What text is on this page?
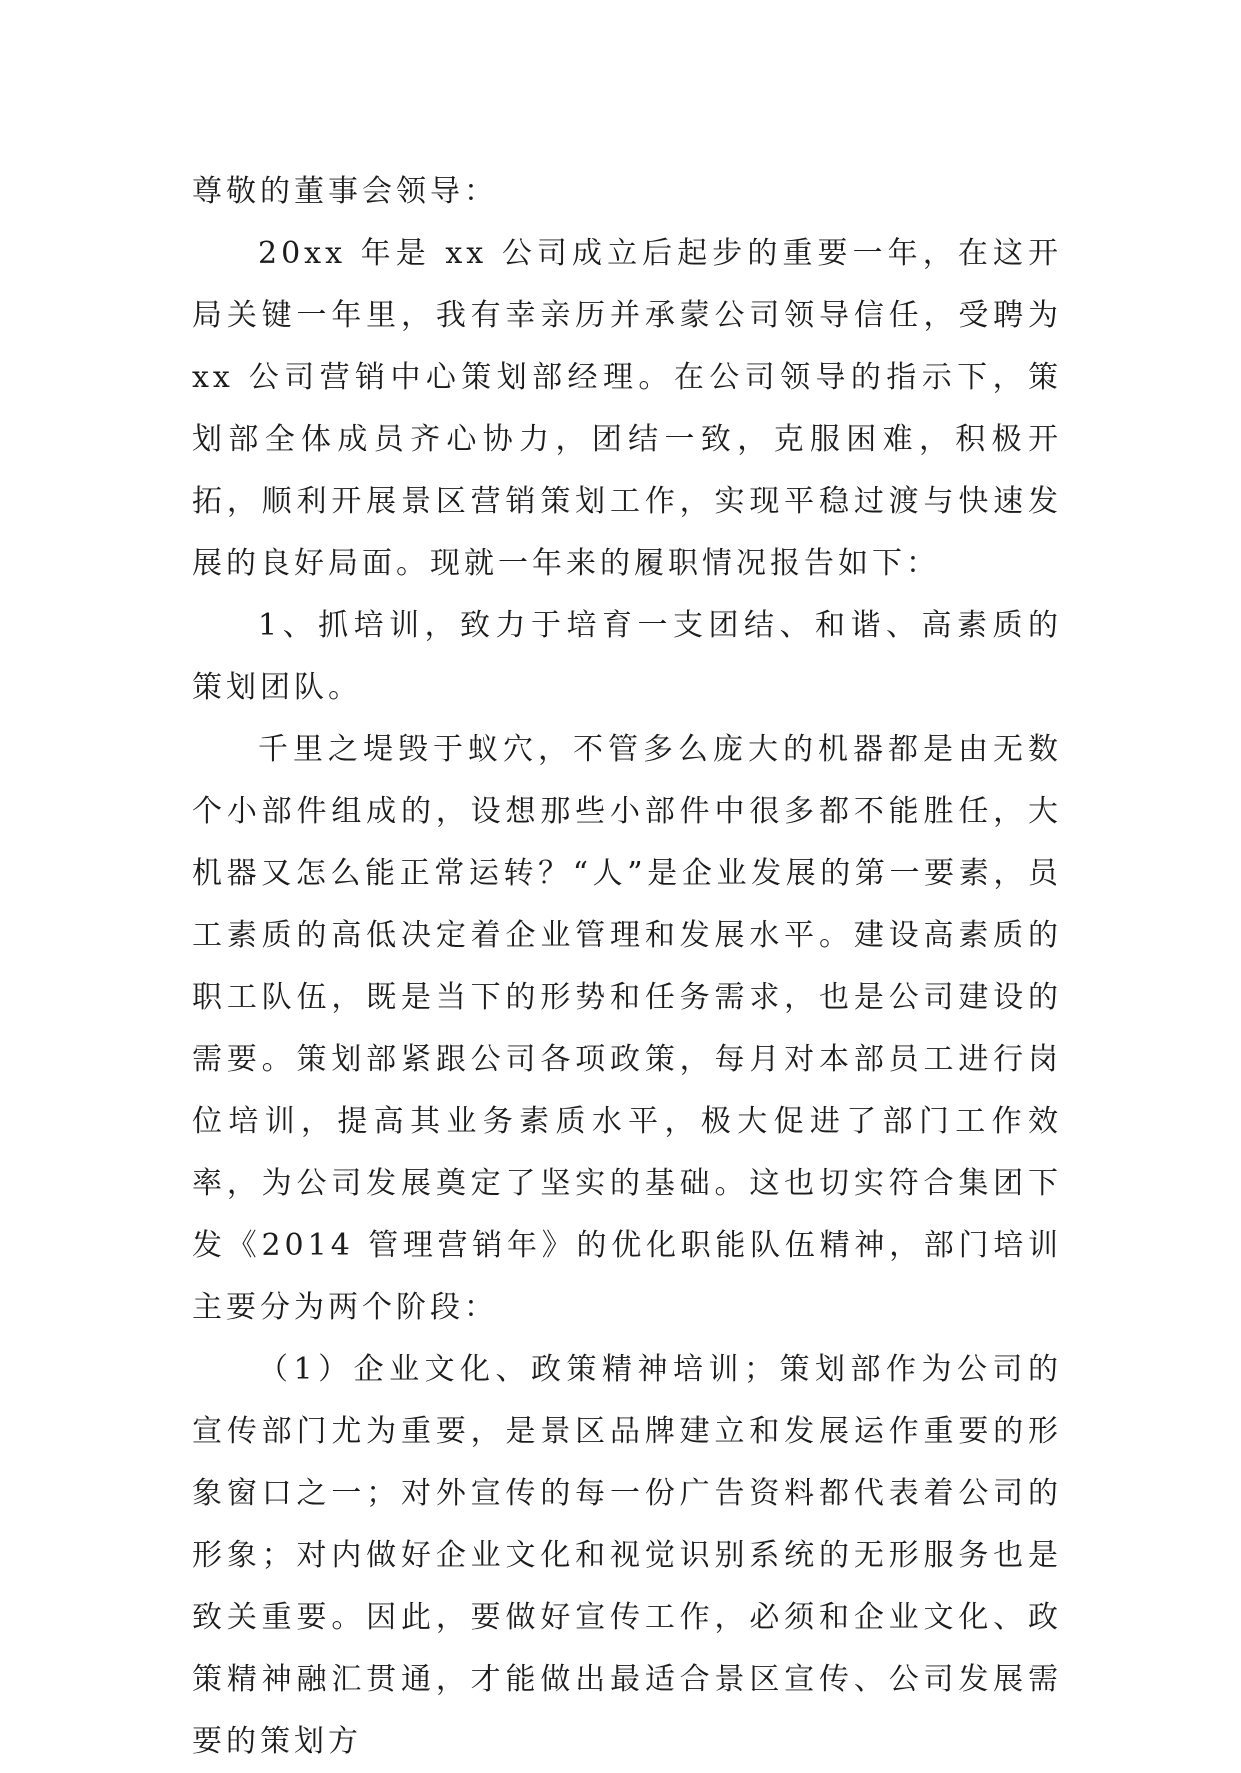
尊敬的董事会领导：

20xx 年是 xx 公司成立后起步的重要一年，在这开局关键一年里，我有幸亲历并承蒙公司领导信任，受聘为 xx 公司营销中心策划部经理。在公司领导的指示下，策划部全体成员齐心协力，团结一致，克服困难，积极开拓，顺利开展景区营销策划工作，实现平稳过渡与快速发展的良好局面。现就一年来的履职情况报告如下：

1、抓培训，致力于培育一支团结、和谐、高素质的策划团队。

千里之堤毁于蚁穴，不管多么庞大的机器都是由无数个小部件组成的，设想那些小部件中很多都不能胜任，大机器又怎么能正常运转？“人”是企业发展的第一要素，员工素质的高低决定着企业管理和发展水平。建设高素质的职工队伍，既是当下的形势和任务需求，也是公司建设的需要。策划部紧跟公司各项政策，每月对本部员工进行岗位培训，提高其业务素质水平，极大促进了部门工作效率，为公司发展奠定了坚实的基础。这也切实符合集团下发《2014 管理营销年》的优化职能队伍精神，部门培训主要分为两个阶段：

（1）企业文化、政策精神培训；策划部作为公司的宣传部门尤为重要，是景区品牌建立和发展运作重要的形象窗口之一；对外宣传的每一份广告资料都代表着公司的形象；对内做好企业文化和视觉识别系统的无形服务也是致关重要。因此，要做好宣传工作，必须和企业文化、政策精神融汇贯通，才能做出最适合景区宣传、公司发展需要的策划方
